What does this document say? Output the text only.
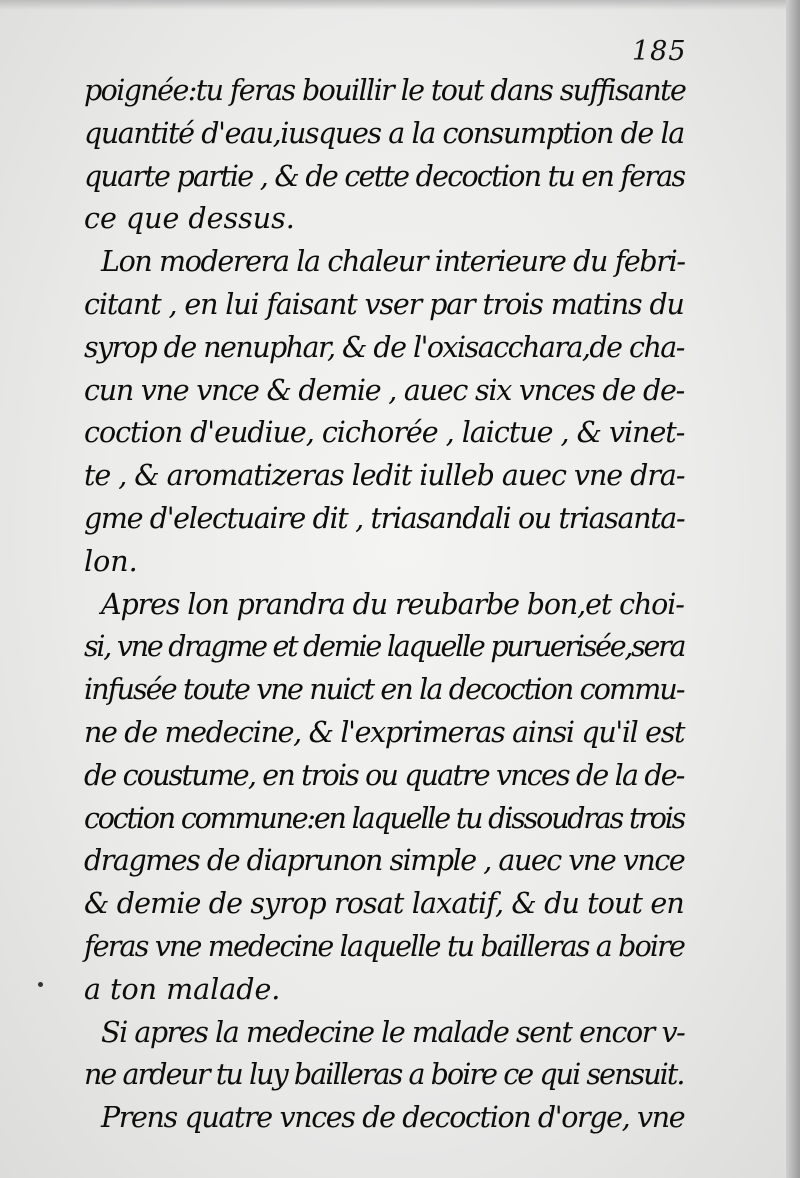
185
poignée:tu feras bouillir le tout dans suffisante
quantité d'eau,iusques a la consumption de la
quarte partie , & de cette decoction tu en feras
ce que dessus.
Lon moderera la chaleur interieure du febri-
citant , en lui faisant vser par trois matins du
syrop de nenuphar, & de l'oxisacchara,de cha-
cun vne vnce & demie , auec six vnces de de-
coction d'eudiue, cichorée , laictue , & vinet-
te , & aromatizeras ledit iulleb auec vne dra-
gme d'electuaire dit , triasandali ou triasanta-
lon.
Apres lon prandra du reubarbe bon,et choi-
si, vne dragme et demie laquelle puruerisée,sera
infusée toute vne nuict en la decoction commu-
ne de medecine, & l'exprimeras ainsi qu'il est
de coustume, en trois ou quatre vnces de la de-
coction commune:en laquelle tu dissoudras trois
dragmes de diaprunon simple , auec vne vnce
& demie de syrop rosat laxatif, & du tout en
feras vne medecine laquelle tu bailleras a boire
a ton malade.
Si apres la medecine le malade sent encor v-
ne ardeur tu luy bailleras a boire ce qui sensuit.
Prens quatre vnces de decoction d'orge, vne
